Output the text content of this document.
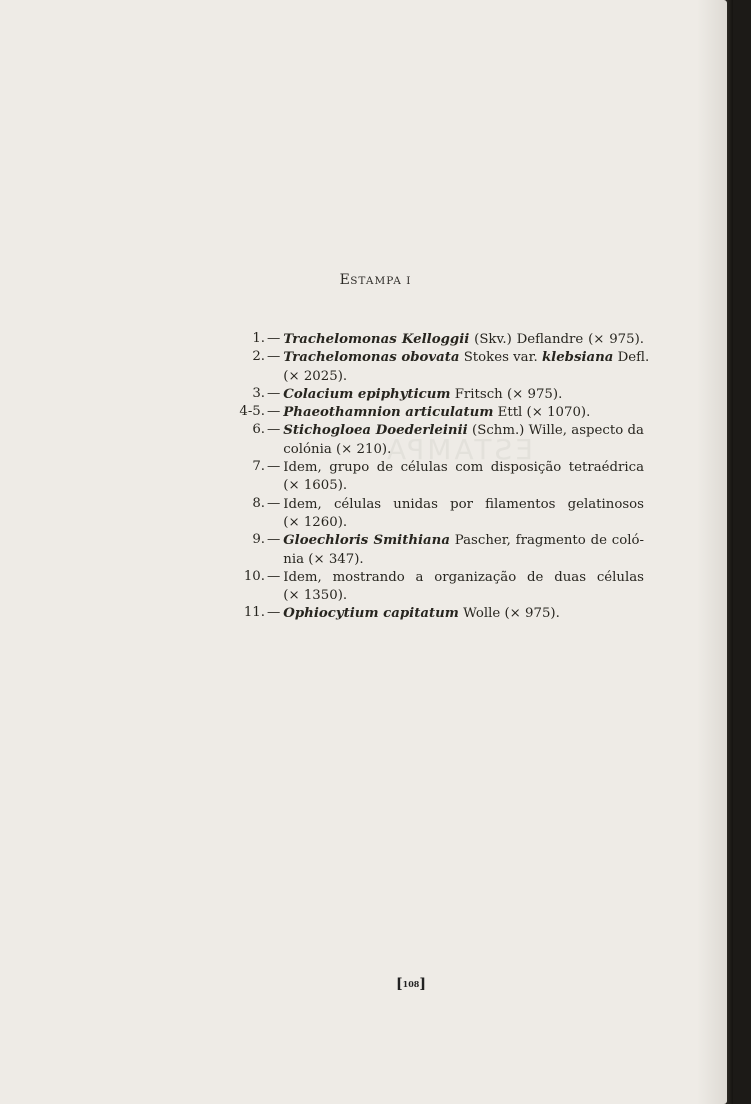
ESTAMPA
ESTAMPA I
1. — Trachelomonas Kelloggii (Skv.) Deflandre (× 975).
2. — Trachelomonas obovata Stokes var. klebsiana Defl.
(× 2025).
3. — Colacium epiphyticum Fritsch (× 975).
4-5. — Phaeothamnion articulatum Ettl (× 1070).
6. — Stichogloea Doederleinii (Schm.) Wille, aspecto da
colónia (× 210).
7. — Idem, grupo de células com disposição tetraédrica
(× 1605).
8. — Idem, células unidas por filamentos gelatinosos
(× 1260).
9. — Gloechloris Smithiana Pascher, fragmento de coló-
nia (× 347).
10. — Idem, mostrando a organização de duas células
(× 1350).
11. — Ophiocytium capitatum Wolle (× 975).
[108]
